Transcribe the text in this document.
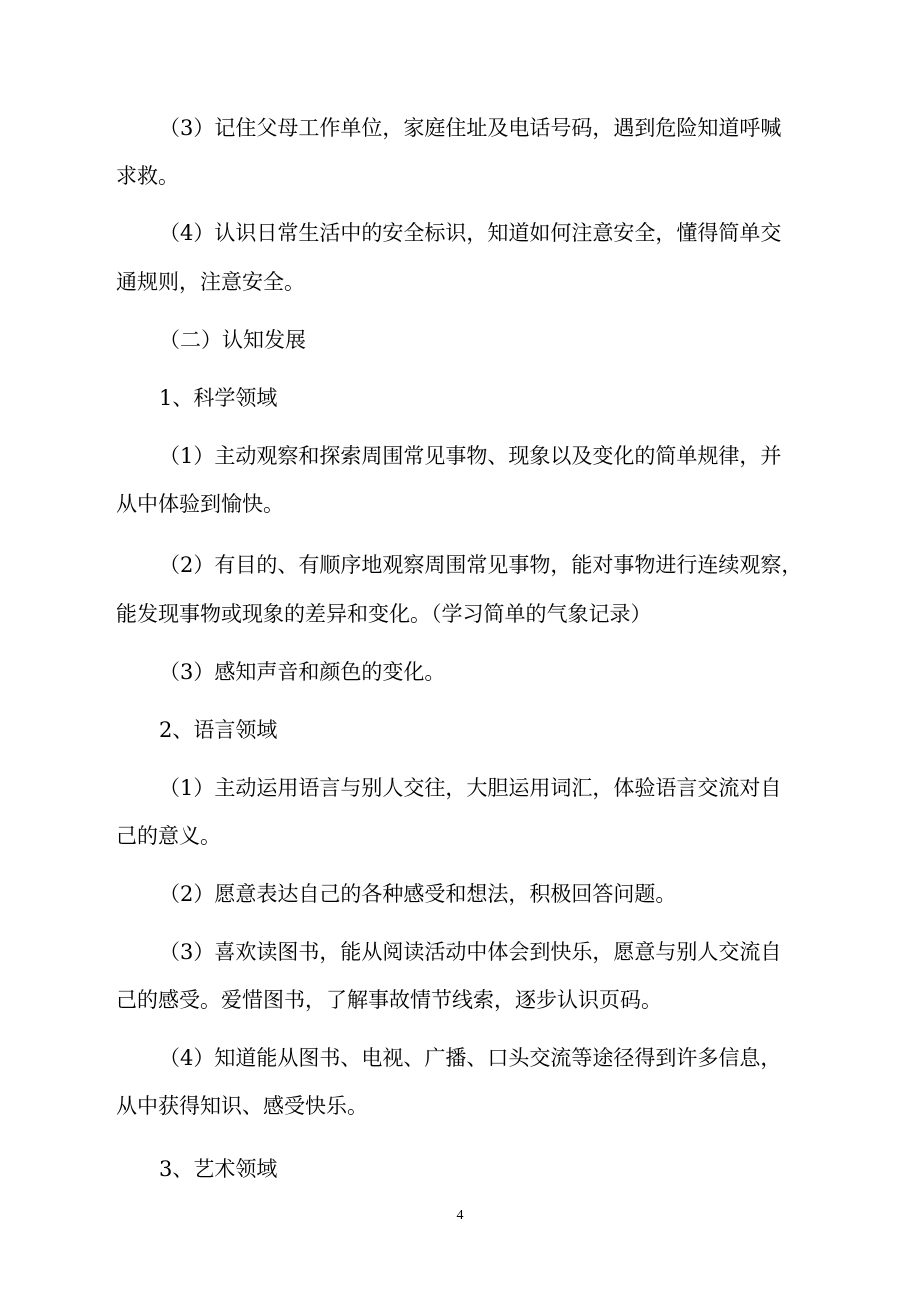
（3）记住父母工作单位，家庭住址及电话号码，遇到危险知道呼喊
求救。
（4）认识日常生活中的安全标识，知道如何注意安全，懂得简单交
通规则，注意安全。
（二）认知发展
1、科学领域
（1）主动观察和探索周围常见事物、现象以及变化的简单规律，并
从中体验到愉快。
（2）有目的、有顺序地观察周围常见事物，能对事物进行连续观察，
能发现事物或现象的差异和变化。（学习简单的气象记录）
（3）感知声音和颜色的变化。
2、语言领域
（1）主动运用语言与别人交往，大胆运用词汇，体验语言交流对自
己的意义。
（2）愿意表达自己的各种感受和想法，积极回答问题。
（3）喜欢读图书，能从阅读活动中体会到快乐，愿意与别人交流自
己的感受。爱惜图书，了解事故情节线索，逐步认识页码。
（4）知道能从图书、电视、广播、口头交流等途径得到许多信息，
从中获得知识、感受快乐。
3、艺术领域
4
